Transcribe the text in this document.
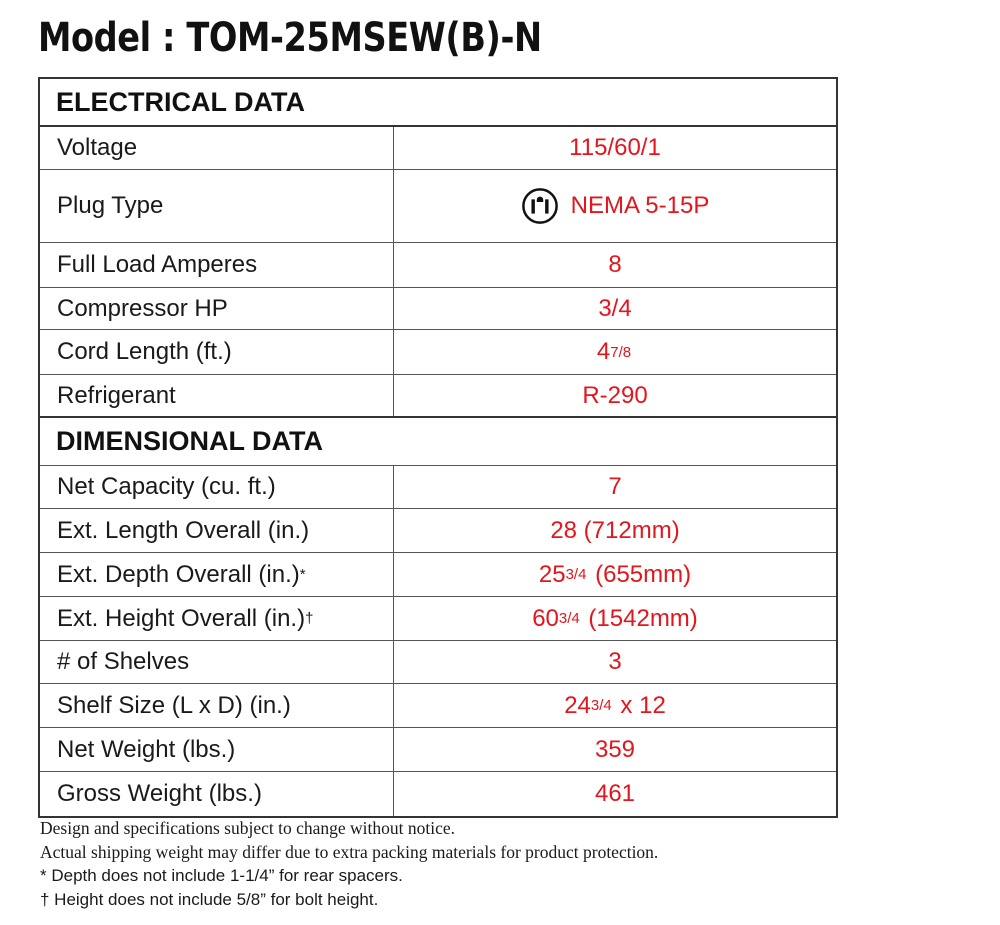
Model : TOM-25MSEW(B)-N
ELECTRICAL DATA
Voltage	115/60/1
Plug Type	NEMA 5-15P
Full Load Amperes	8
Compressor HP	3/4
Cord Length (ft.)	4 7/8
Refrigerant	R-290
DIMENSIONAL DATA
Net Capacity (cu. ft.)	7
Ext. Length Overall (in.)	28 (712mm)
Ext. Depth Overall (in.) *	25 3/4 (655mm)
Ext. Height Overall (in.) †	60 3/4 (1542mm)
# of Shelves	3
Shelf Size (L x D) (in.)	24 3/4 x 12
Net Weight (lbs.)	359
Gross Weight (lbs.)	461
Design and specifications subject to change without notice.
Actual shipping weight may differ due to extra packing materials for product protection.
* Depth does not include 1-1/4” for rear spacers.
† Height does not include 5/8” for bolt height.
